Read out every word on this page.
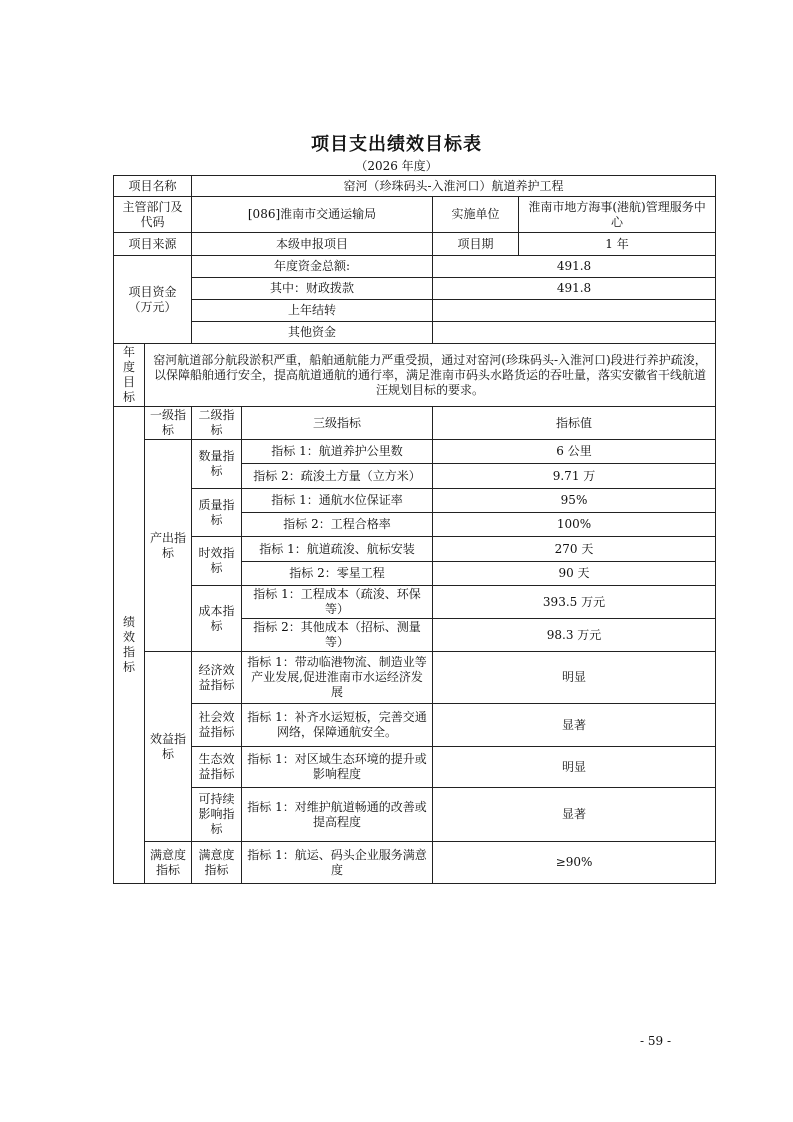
项目支出绩效目标表
（2026 年度）
项目名称		窑河（珍珠码头-入淮河口）航道养护工程			
主管部门及代码		[086]淮南市交通运输局		实施单位	淮南市地方海事(港航)管理服务中心
项目来源		本级申报项目		项目期	1 年
项目资金（万元）		年度资金总额:		491.8	
		其中：财政拨款		491.8	
		上年结转			
		其他资金			
年度目标	窑河航道部分航段淤积严重，船舶通航能力严重受损，通过对窑河(珍珠码头-入淮河口)段进行养护疏浚，以保障船舶通行安全，提高航道通航的通行率，满足淮南市码头水路货运的吞吐量，落实安徽省干线航道汪规划目标的要求。				
绩效指标	一级指标	二级指标	三级指标	指标值	
	产出指标	数量指标	指标 1：航道养护公里数	6 公里	
			指标 2：疏浚土方量（立方米）	9.71 万	
		质量指标	指标 1：通航水位保证率	95%	
			指标 2：工程合格率	100%	
		时效指标	指标 1：航道疏浚、航标安装	270 天	
			指标 2：零星工程	90 天	
		成本指标	指标 1：工程成本（疏浚、环保等）	393.5 万元	
			指标 2：其他成本（招标、测量等）	98.3 万元	
	效益指标	经济效益指标	指标 1：带动临港物流、制造业等产业发展,促进淮南市水运经济发展	明显	
		社会效益指标	指标 1：补齐水运短板，完善交通网络，保障通航安全。	显著	
		生态效益指标	指标 1：对区域生态环境的提升或影响程度	明显	
		可持续影响指标	指标 1：对维护航道畅通的改善或提高程度	显著	
	满意度指标	满意度指标	指标 1：航运、码头企业服务满意度	≥90%	
- 59 -
